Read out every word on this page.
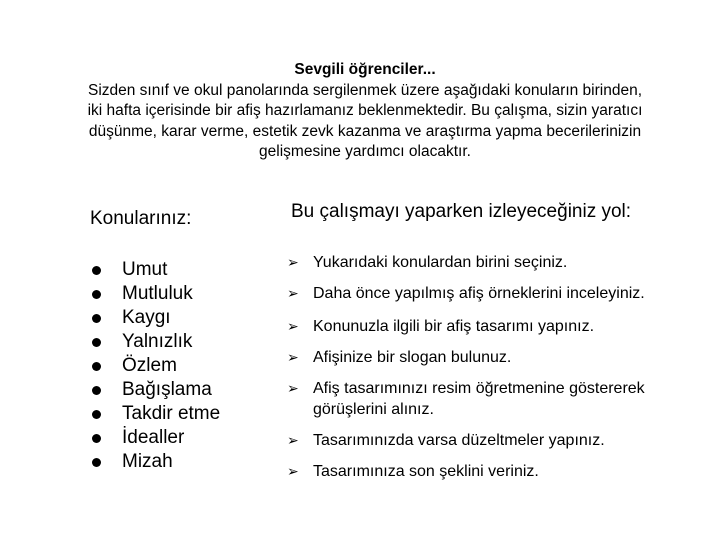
Sevgili öğrenciler...
Sizden sınıf ve okul panolarında sergilenmek üzere aşağıdaki konuların birinden, iki hafta içerisinde bir afiş hazırlamanız beklenmektedir. Bu çalışma, sizin yaratıcı düşünme, karar verme, estetik zevk kazanma ve araştırma yapma becerilerinizin gelişmesine yardımcı olacaktır.
Konularınız:
Umut
Mutluluk
Kaygı
Yalnızlık
Özlem
Bağışlama
Takdir etme
İdealler
Mizah
Bu çalışmayı yaparken izleyeceğiniz yol:
➢ Yukarıdaki konulardan birini seçiniz.
➢ Daha önce yapılmış afiş örneklerini inceleyiniz.
➢ Konunuzla ilgili bir afiş tasarımı yapınız.
➢ Afişinize bir slogan bulunuz.
➢ Afiş tasarımınızı resim öğretmenine göstererek görüşlerini alınız.
➢ Tasarımınızda varsa düzeltmeler yapınız.
➢ Tasarımınıza son şeklini veriniz.
